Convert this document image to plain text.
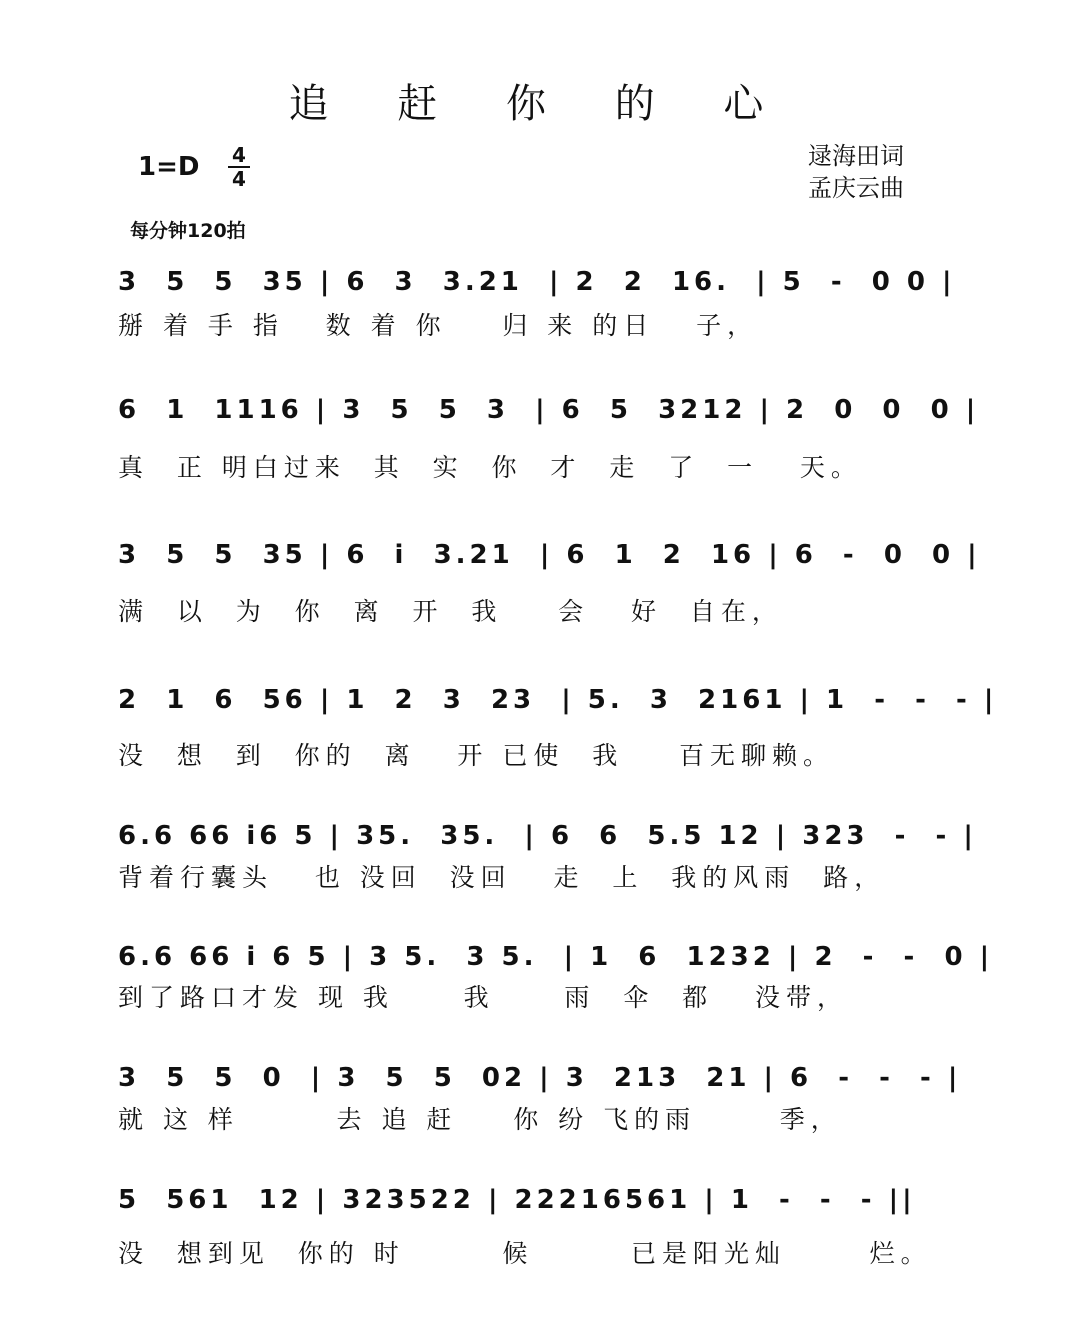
追 赶 你 的 心
1=D 4
4
逯海田词
孟庆云曲
每分钟120拍
3  5  5  35 | 6  3  3.21  | 2  2  16.  | 5  -  0 0 |
掰 着 手 指   数 着 你    归 来 的日   子，
6  1  1116 | 3  5  5  3  | 6  5  3212 | 2  0  0  0 |
真  正 明白过来  其  实  你  才  走  了  一   天。
3  5  5  35 | 6  i  3.21  | 6  1  2  16 | 6  -  0  0 |
满  以  为  你  离  开  我    会   好  自在，
2  1  6  56 | 1  2  3  23  | 5.  3  2161 | 1  -  -  - |
没  想  到  你的  离   开 已使  我    百无聊赖。
6.6 66 i6 5 | 35.  35.  | 6  6  5.5 12 | 323  -  - |
背着行囊头   也 没回  没回   走  上  我的风雨  路，
6.6 66 i 6 5 | 3 5.  3 5.  | 1  6  1232 | 2  -  -  0 |
到了路口才发 现 我     我     雨  伞  都   没带，
3  5  5  0  | 3  5  5  02 | 3  213  21 | 6  -  -  - |
就 这 样       去 追 赶    你 纷 飞的雨      季，
5  561  12 | 323522 | 22216561 | 1  -  -  - ||
没  想到见  你的 时       候       已是阳光灿      烂。
